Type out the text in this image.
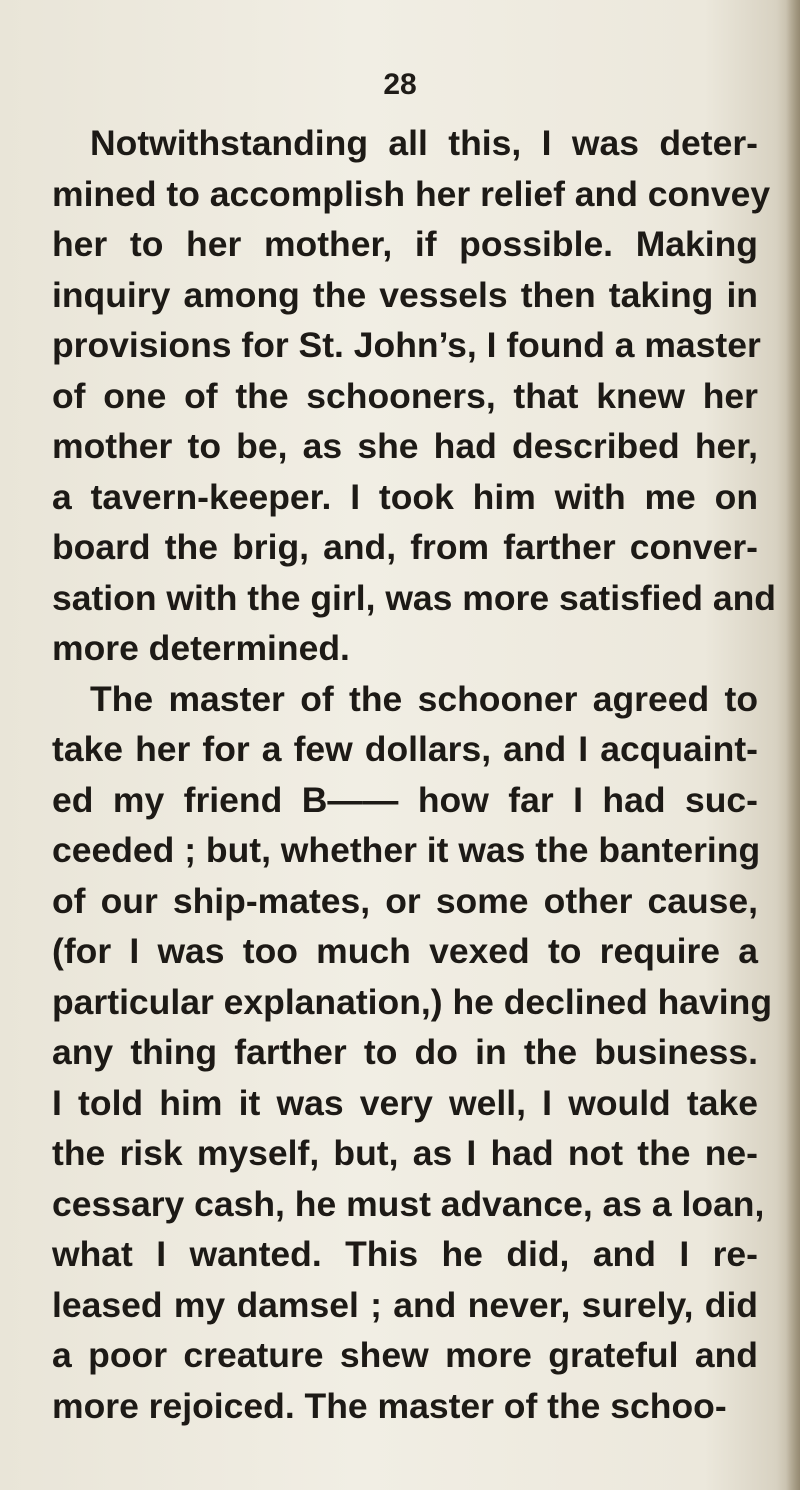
28
Notwithstanding all this, I was deter-
mined to accomplish her relief and convey
her to her mother, if possible. Making
inquiry among the vessels then taking in
provisions for St. John’s, I found a master
of one of the schooners, that knew her
mother to be, as she had described her,
a tavern-keeper. I took him with me on
board the brig, and, from farther conver-
sation with the girl, was more satisfied and
more determined.
The master of the schooner agreed to
take her for a few dollars, and I acquaint-
ed my friend B—— how far I had suc-
ceeded ; but, whether it was the bantering
of our ship-mates, or some other cause,
(for I was too much vexed to require a
particular explanation,) he declined having
any thing farther to do in the business.
I told him it was very well, I would take
the risk myself, but, as I had not the ne-
cessary cash, he must advance, as a loan,
what I wanted. This he did, and I re-
leased my damsel ; and never, surely, did
a poor creature shew more grateful and
more rejoiced. The master of the schoo-
